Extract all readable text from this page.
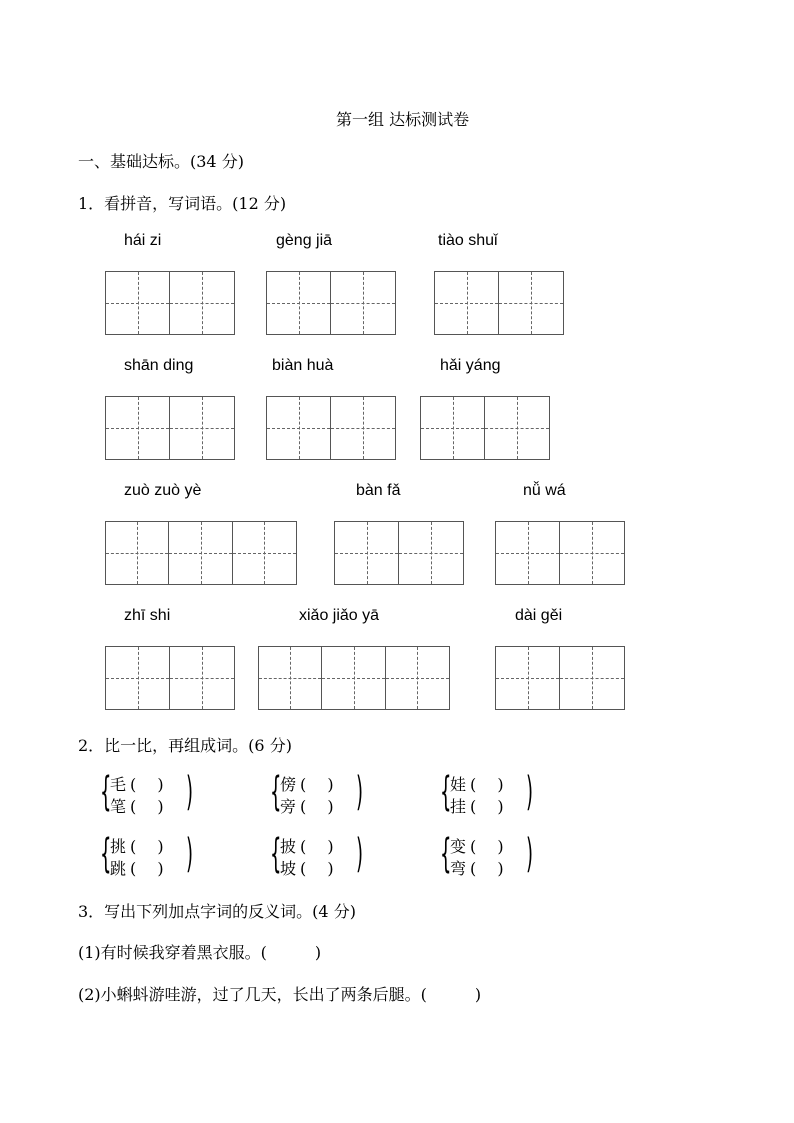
第一组 达标测试卷
一、基础达标。(34 分)
1．看拼音，写词语。(12 分)
hái zi	gèng jiā	tiào shuǐ
shān ding	biàn huà	hǎi yáng
zuò zuò yè	bàn fǎ	nǚ wá
zhī shi	xiǎo jiǎo yā	dài gěi
2．比一比，再组成词。(6 分)
{
毛 (　 )
笔 (　 ) ) {
傍 (　 )
旁 (　 ) ) {
娃 (　 )
挂 (　 ) )
{
挑 (　 )
跳 (　 ) ) {
披 (　 )
坡 (　 ) ) {
变 (　 )
弯 (　 ) )
3．写出下列加点字词的反义词。(4 分)
(1)有时候我穿着黑衣服。(　　　)
(2)小蝌蚪游哇游，过了几天，长出了两条后腿。(　　　)
